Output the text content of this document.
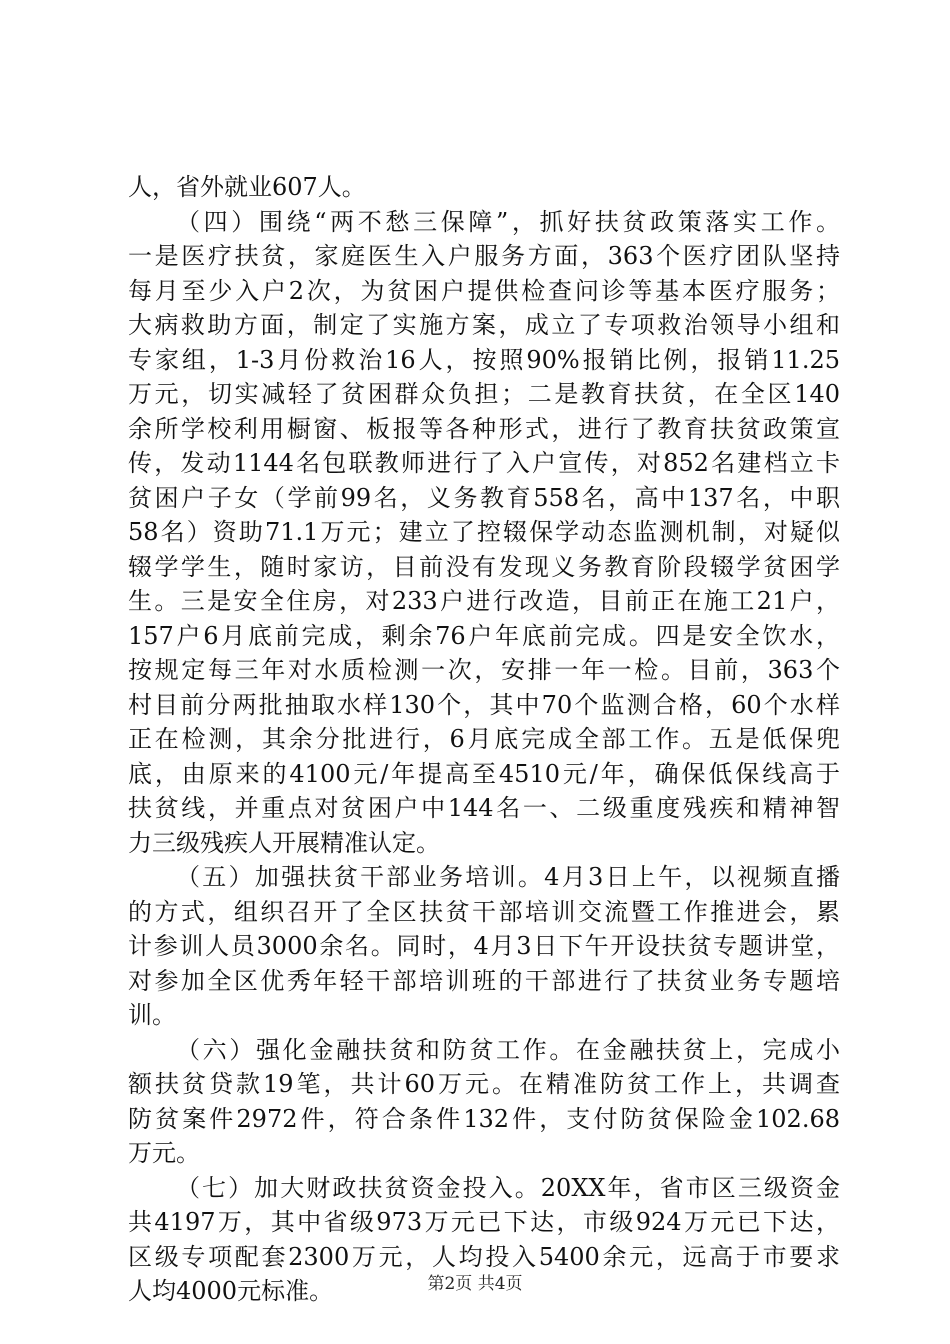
人，省外就业607人。
（四）围绕“两不愁三保障”，抓好扶贫政策落实工作。
一是医疗扶贫，家庭医生入户服务方面，363个医疗团队坚持
每月至少入户2次，为贫困户提供检查问诊等基本医疗服务；
大病救助方面，制定了实施方案，成立了专项救治领导小组和
专家组，1-3月份救治16人，按照90%报销比例，报销11.25
万元，切实减轻了贫困群众负担；二是教育扶贫，在全区140
余所学校利用橱窗、板报等各种形式，进行了教育扶贫政策宣
传，发动1144名包联教师进行了入户宣传，对852名建档立卡
贫困户子女（学前99名，义务教育558名，高中137名，中职
58名）资助71.1万元；建立了控辍保学动态监测机制，对疑似
辍学学生，随时家访，目前没有发现义务教育阶段辍学贫困学
生。三是安全住房，对233户进行改造，目前正在施工21户，
157户6月底前完成，剩余76户年底前完成。四是安全饮水，
按规定每三年对水质检测一次，安排一年一检。目前，363个
村目前分两批抽取水样130个，其中70个监测合格，60个水样
正在检测，其余分批进行，6月底完成全部工作。五是低保兜
底，由原来的4100元/年提高至4510元/年，确保低保线高于
扶贫线，并重点对贫困户中144名一、二级重度残疾和精神智
力三级残疾人开展精准认定。
（五）加强扶贫干部业务培训。4月3日上午，以视频直播
的方式，组织召开了全区扶贫干部培训交流暨工作推进会，累
计参训人员3000余名。同时，4月3日下午开设扶贫专题讲堂，
对参加全区优秀年轻干部培训班的干部进行了扶贫业务专题培
训。
（六）强化金融扶贫和防贫工作。在金融扶贫上，完成小
额扶贫贷款19笔，共计60万元。在精准防贫工作上，共调查
防贫案件2972件，符合条件132件，支付防贫保险金102.68
万元。
（七）加大财政扶贫资金投入。20XX年，省市区三级资金
共4197万，其中省级973万元已下达，市级924万元已下达，
区级专项配套2300万元，人均投入5400余元，远高于市要求
人均4000元标准。	第2页 共4页
